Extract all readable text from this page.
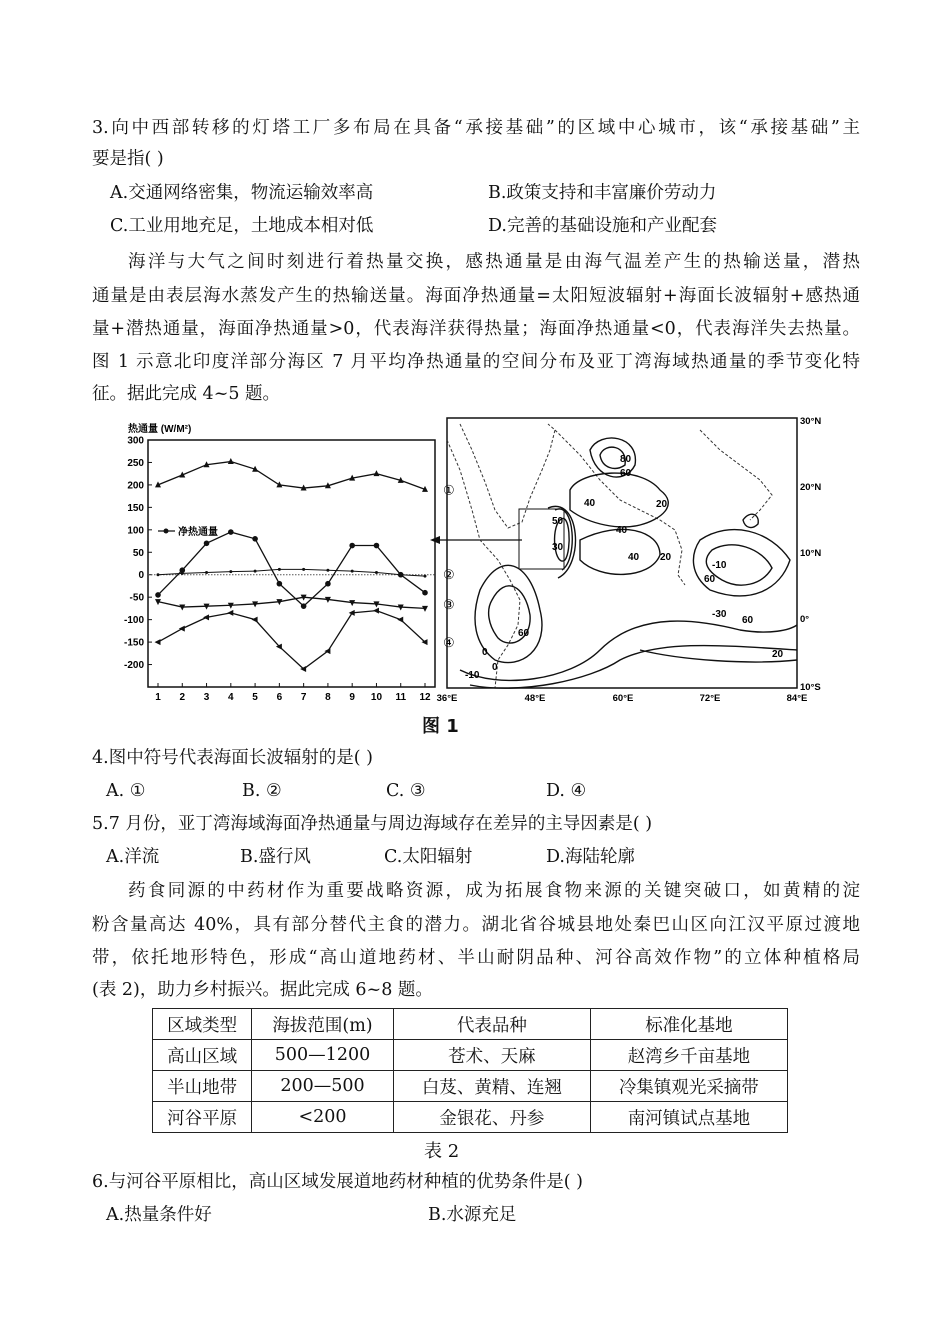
3.向中西部转移的灯塔工厂多布局在具备“承接基础”的区域中心城市，该“承接基础”主
要是指( )
A.交通网络密集，物流运输效率高	B.政策支持和丰富廉价劳动力
C.工业用地充足，土地成本相对低	D.完善的基础设施和产业配套
海洋与大气之间时刻进行着热量交换，感热通量是由海气温差产生的热输送量，潜热
通量是由表层海水蒸发产生的热输送量。海面净热通量=太阳短波辐射+海面长波辐射+感热通
量+潜热通量，海面净热通量>0，代表海洋获得热量；海面净热通量<0，代表海洋失去热量。
图 1 示意北印度洋部分海区 7 月平均净热通量的空间分布及亚丁湾海域热通量的季节变化特
征。据此完成 4~5 题。
热通量 (W/M²)
300
250
200
150
100
50
0
-50
-100
-150
-200
1 2 3 4 5 6 7 8 9 10 11 12
净热通量
①
②
③
④
80
60
40	20
50
30
40
20
60
0
-10
-30
60
20
0
-10
40
60
30°N
20°N
10°N
0°
10°S
36°E	48°E	60°E	72°E	84°E
图 1
4.图中符号代表海面长波辐射的是( )
A. ①	B. ②	C. ③	D. ④
5.7 月份，亚丁湾海域海面净热通量与周边海域存在差异的主导因素是( )
A.洋流	B.盛行风	C.太阳辐射	D.海陆轮廓
药食同源的中药材作为重要战略资源，成为拓展食物来源的关键突破口，如黄精的淀
粉含量高达 40%，具有部分替代主食的潜力。湖北省谷城县地处秦巴山区向江汉平原过渡地
带，依托地形特色，形成“高山道地药材、半山耐阴品种、河谷高效作物”的立体种植格局
(表 2)，助力乡村振兴。据此完成 6~8 题。
区域类型	海拔范围(m)	代表品种	标准化基地
高山区域	500—1200	苍术、天麻	赵湾乡千亩基地
半山地带	200—500	白芨、黄精、连翘	冷集镇观光采摘带
河谷平原	<200	金银花、丹参	南河镇试点基地
表 2
6.与河谷平原相比，高山区域发展道地药材种植的优势条件是( )
A.热量条件好	B.水源充足
